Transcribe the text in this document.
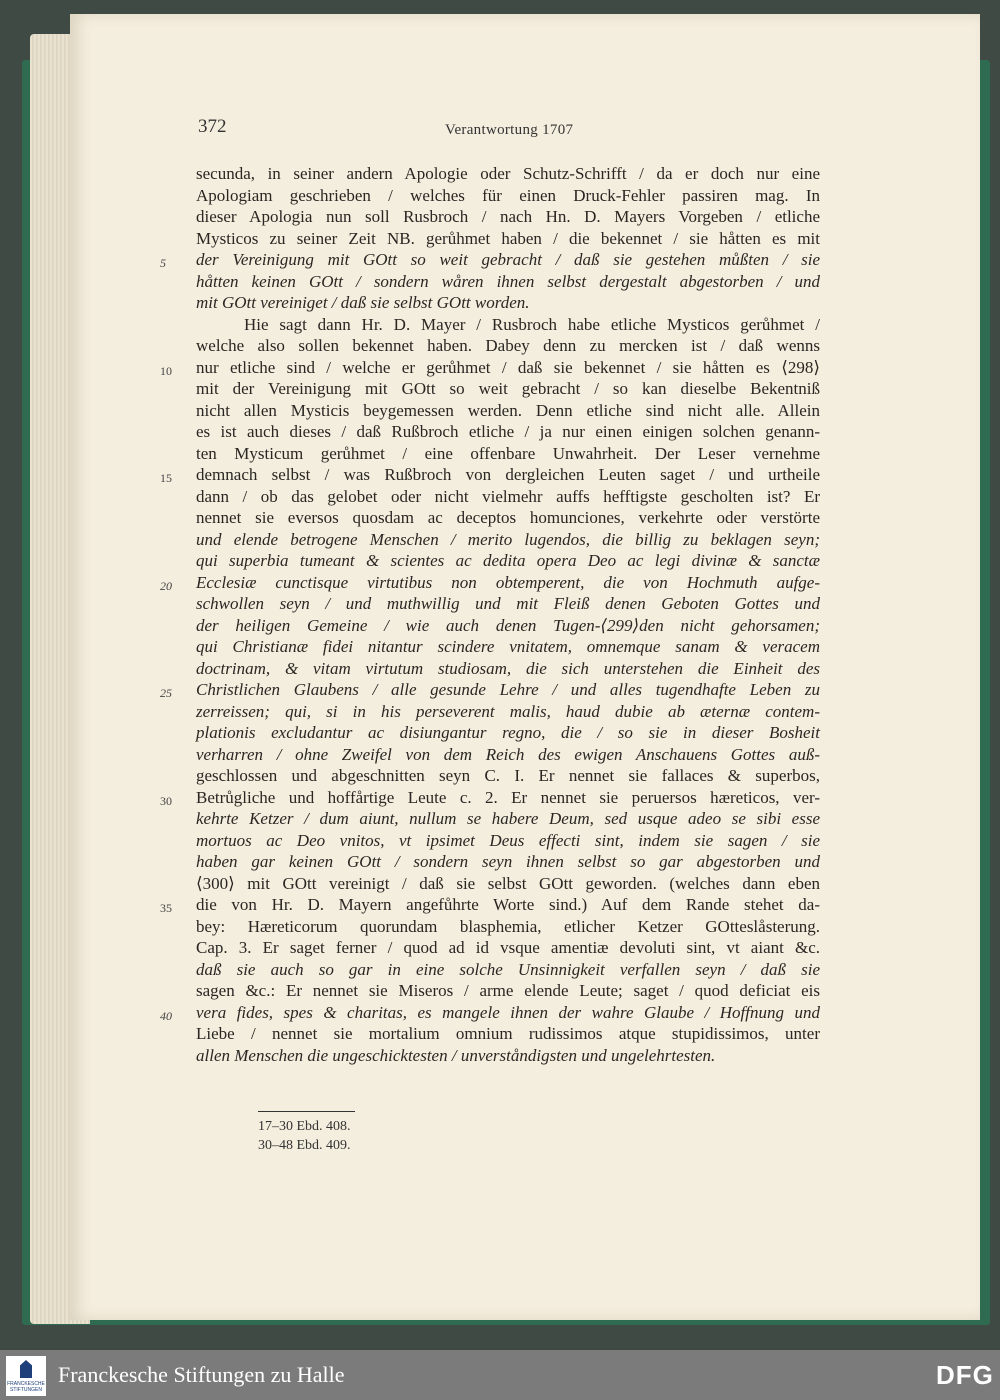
372	Verantwortung 1707
secunda, in seiner andern Apologie oder Schutz-Schrifft / da er doch nur eine
Apologiam geschrieben / welches für einen Druck-Fehler passiren mag. In
dieser Apologia nun soll Rusbroch / nach Hn. D. Mayers Vorgeben / etliche
Mysticos zu seiner Zeit NB. gerůhmet haben / die bekennet / sie håtten es mit
5 der Vereinigung mit GOtt so weit gebracht / daß sie gestehen můßten / sie
håtten keinen GOtt / sondern wåren ihnen selbst dergestalt abgestorben / und
mit GOtt vereiniget / daß sie selbst GOtt worden.
Hie sagt dann Hr. D. Mayer / Rusbroch habe etliche Mysticos gerůhmet /
welche also sollen bekennet haben. Dabey denn zu mercken ist / daß wenns
10 nur etliche sind / welche er gerůhmet / daß sie bekennet / sie håtten es ⟨298⟩
mit der Vereinigung mit GOtt so weit gebracht / so kan dieselbe Bekentniß
nicht allen Mysticis beygemessen werden. Denn etliche sind nicht alle. Allein
es ist auch dieses / daß Rußbroch etliche / ja nur einen einigen solchen genann-
ten Mysticum gerůhmet / eine offenbare Unwahrheit. Der Leser vernehme
15 demnach selbst / was Rußbroch von dergleichen Leuten saget / und urtheile
dann / ob das gelobet oder nicht vielmehr auffs hefftigste gescholten ist? Er
nennet sie eversos quosdam ac deceptos homunciones, verkehrte oder verstörte
und elende betrogene Menschen / merito lugendos, die billig zu beklagen seyn;
qui superbia tumeant & scientes ac dedita opera Deo ac legi divinæ & sanctæ
20 Ecclesiæ cunctisque virtutibus non obtemperent, die von Hochmuth aufge-
schwollen seyn / und muthwillig und mit Fleiß denen Geboten Gottes und
der heiligen Gemeine / wie auch denen Tugen-⟨299⟩den nicht gehorsamen;
qui Christianæ fidei nitantur scindere vnitatem, omnemque sanam & veracem
doctrinam, & vitam virtutum studiosam, die sich unterstehen die Einheit des
25 Christlichen Glaubens / alle gesunde Lehre / und alles tugendhafte Leben zu
zerreissen; qui, si in his perseverent malis, haud dubie ab æternæ contem-
plationis excludantur ac disiungantur regno, die / so sie in dieser Bosheit
verharren / ohne Zweifel von dem Reich des ewigen Anschauens Gottes auß-
geschlossen und abgeschnitten seyn C. I. Er nennet sie fallaces & superbos,
30 Betrůgliche und hoffårtige Leute c. 2. Er nennet sie peruersos hæreticos, ver-
kehrte Ketzer / dum aiunt, nullum se habere Deum, sed usque adeo se sibi esse
mortuos ac Deo vnitos, vt ipsimet Deus effecti sint, indem sie sagen / sie
haben gar keinen GOtt / sondern seyn ihnen selbst so gar abgestorben und
⟨300⟩ mit GOtt vereinigt / daß sie selbst GOtt geworden. (welches dann eben
35 die von Hr. D. Mayern angefůhrte Worte sind.) Auf dem Rande stehet da-
bey: Hæreticorum quorundam blasphemia, etlicher Ketzer GOtteslåsterung.
Cap. 3. Er saget ferner / quod ad id vsque amentiæ devoluti sint, vt aiant &c.
daß sie auch so gar in eine solche Unsinnigkeit verfallen seyn / daß sie
sagen &c.: Er nennet sie Miseros / arme elende Leute; saget / quod deficiat eis
40 vera fides, spes & charitas, es mangele ihnen der wahre Glaube / Hoffnung und
Liebe / nennet sie mortalium omnium rudissimos atque stupidissimos, unter
allen Menschen die ungeschicktesten / unverståndigsten und ungelehrtesten.
17–30 Ebd. 408.
30–48 Ebd. 409.
FRANCKESCHE STIFTUNGEN
Franckesche Stiftungen zu Halle	DFG
